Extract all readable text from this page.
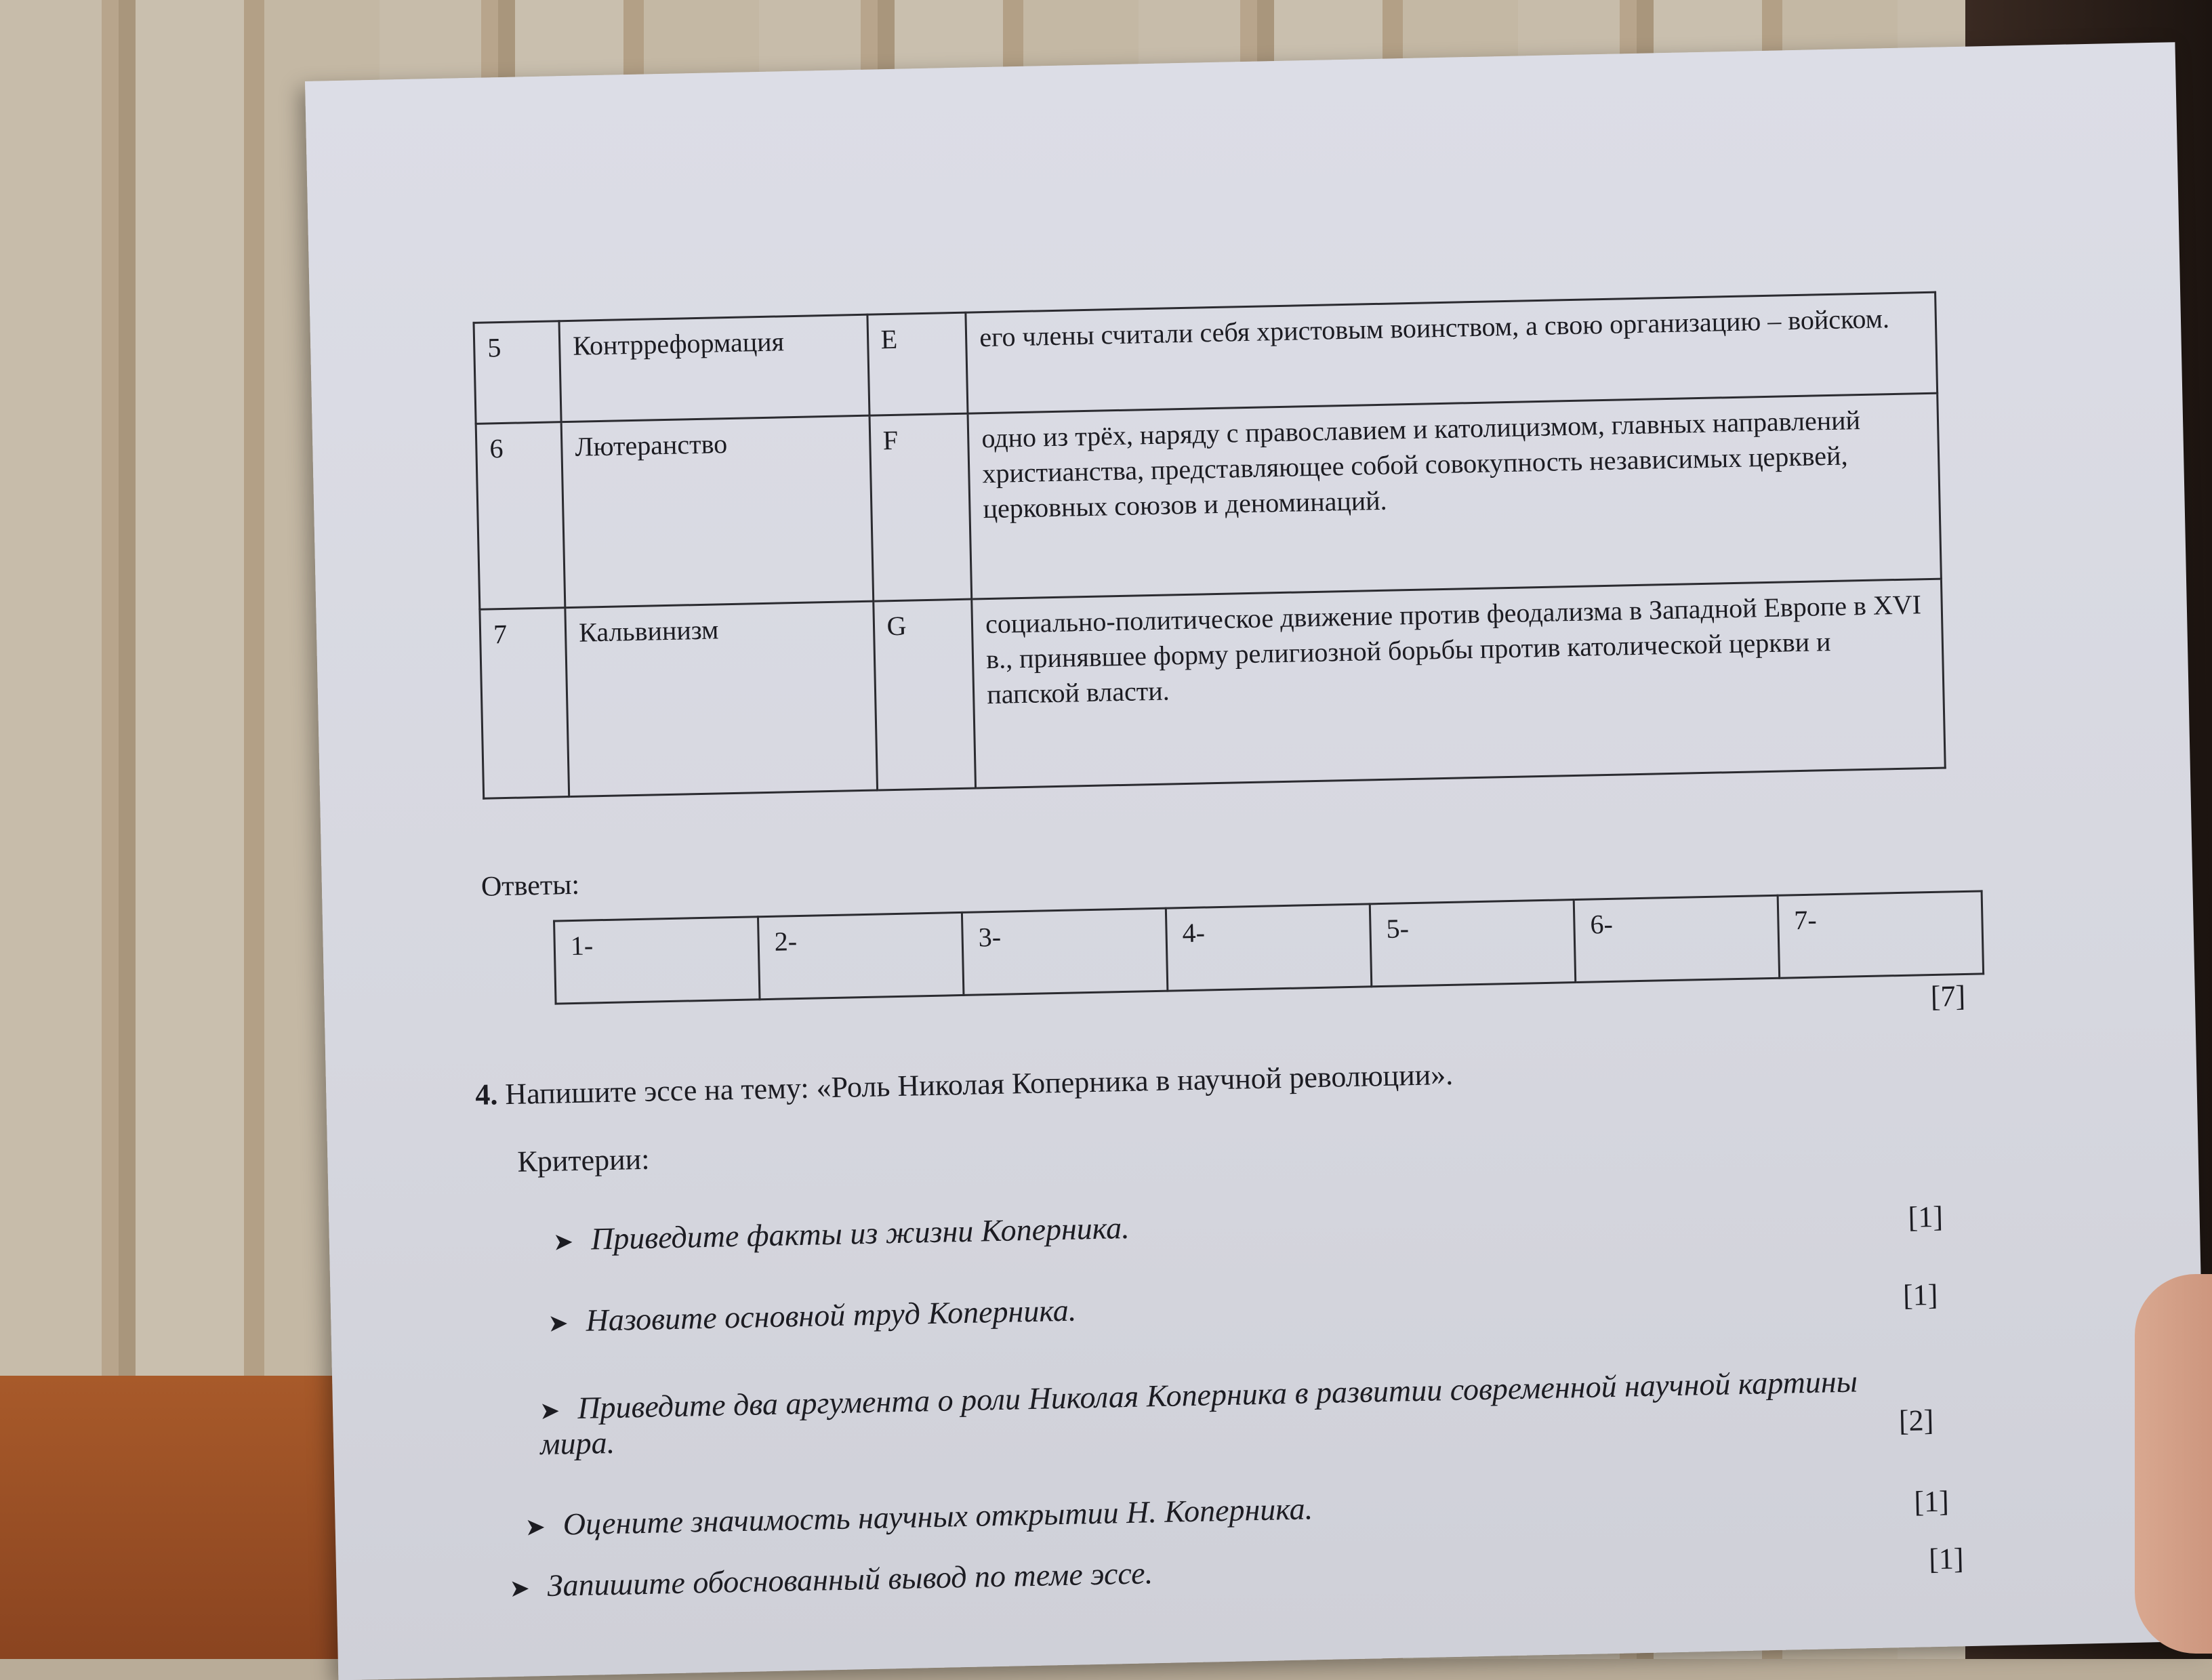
5	Контрреформация	E	его члены считали себя христовым воинством, а свою организацию – войском.
6	Лютеранство	F	одно из трёх, наряду с православием и католицизмом, главных направлений христианства, представляющее собой совокупность независимых церквей, церковных союзов и деноминаций.
7	Кальвинизм	G	социально-политическое движение против феодализма в Западной Европе в XVI в., принявшее форму религиозной борьбы против католической церкви и папской власти.
Ответы:
1-	2-	3-	4-	5-	6-	7-
[7]
4. Напишите эссе на тему: «Роль Николая Коперника в научной революции».
Критерии:
➤ Приведите факты из жизни Коперника.	[1]
➤ Назовите основной труд Коперника.	[1]
➤ Приведите два аргумента о роли Николая Коперника в развитии современной научной картины мира.
[2]
➤ Оцените значимость научных открытии Н. Коперника.	[1]
➤ Запишите обоснованный вывод по теме эссе.	[1]
